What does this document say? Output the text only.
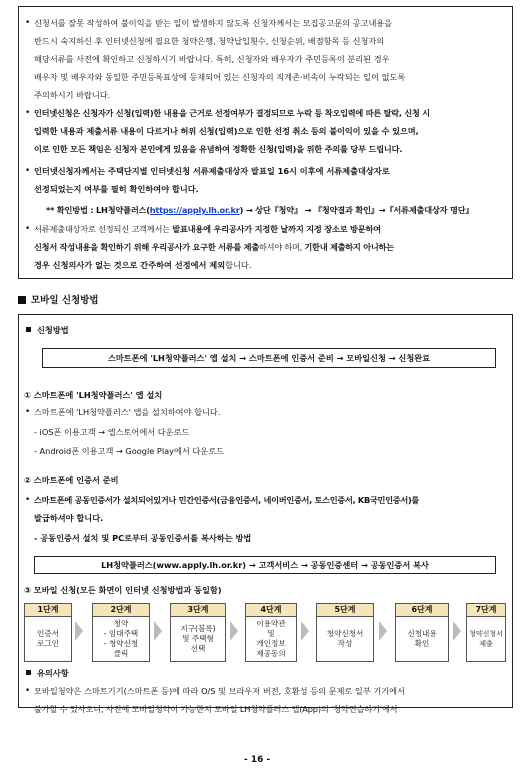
• 신청서를 잘못 작성하여 불이익을 받는 일이 발생하지 않도록 신청자께서는 모집공고문의 공고내용을
반드시 숙지하신 후 인터넷신청에 필요한 청약은행, 청약납입횟수, 신청순위, 배점항목 등 신청자의
해당서류를 사전에 확인하고 신청하시기 바랍니다. 특히, 신청자와 배우자가 주민등록이 분리된 경우
배우자 및 배우자와 동일한 주민등록표상에 등재되어 있는 신청자의 직계존·비속이 누락되는 일이 없도록
주의하시기 바랍니다.
• 인터넷신청은 신청자가 신청(입력)한 내용을 근거로 선정여부가 결정되므로 누락 등 착오입력에 따른 탈락, 신청 시
입력한 내용과 제출서류 내용이 다르거나 허위 신청(입력)으로 인한 선정 취소 등의 불이익이 있을 수 있으며,
이로 인한 모든 책임은 신청자 본인에게 있음을 유념하여 정확한 신청(입력)을 위한 주의를 당부 드립니다.
• 인터넷신청자께서는 주택단지별 인터넷신청 서류제출대상자 발표일 16시 이후에 서류제출대상자로
선정되었는지 여부를 필히 확인하여야 합니다.
** 확인방법 : LH청약플러스(https://apply.lh.or.kr) → 상단『청약』 → 『청약결과 확인』→『서류제출대상자 명단』
• 서류제출대상자로 선정되신 고객께서는 발표내용에 우리공사가 지정한 날까지 지정 장소로 방문하여
신청서 작성내용을 확인하기 위해 우리공사가 요구한 서류를 제출하셔야 하며, 기한내 제출하지 아니하는
경우 신청의사가 없는 것으로 간주하여 선정에서 제외합니다.
모바일 신청방법
신청방법
스마트폰에 'LH청약플러스' 앱 설치 → 스마트폰에 인증서 준비 → 모바일신청 → 신청완료
① 스마트폰에 'LH청약플러스' 앱 설치
• 스마트폰에 'LH청약플러스' 앱을 설치하여야 합니다.
- iOS폰 이용고객 → 앱스토어에서 다운로드
- Android폰 이용고객 → Google Play에서 다운로드
② 스마트폰에 인증서 준비
• 스마트폰에 공동인증서가 설치되어있거나 민간인증서(금융인증서, 네이버인증서, 토스인증서, KB국민인증서)를
발급하셔야 합니다.
- 공동인증서 설치 및 PC로부터 공동인증서를 복사하는 방법
LH청약플러스(www.apply.lh.or.kr) → 고객서비스 → 공동인증센터 → 공동인증서 복사
③ 모바일 신청(모든 화면이 인터넷 신청방법과 동일함)
1단계
인증서
로그인
2단계
청약
- 임대주택
- 청약신청
클릭
3단계
지구(블록)
및 주택형
선택
4단계
이용약관
및
개인정보
제공동의
5단계
청약신청서
작성
6단계
신청내용
확인
7단계
청약신청서
제출
유의사항
• 모바일청약은 스마트기기(스마트폰 등)에 따라 O/S 및 브라우저 버전, 호환성 등의 문제로 일부 기기에서
불가할 수 있사오니, 사전에 모바일청약이 가능한지 모바일 LH청약플러스 앱(App)의 '청약연습하기'에서
- 16 -
